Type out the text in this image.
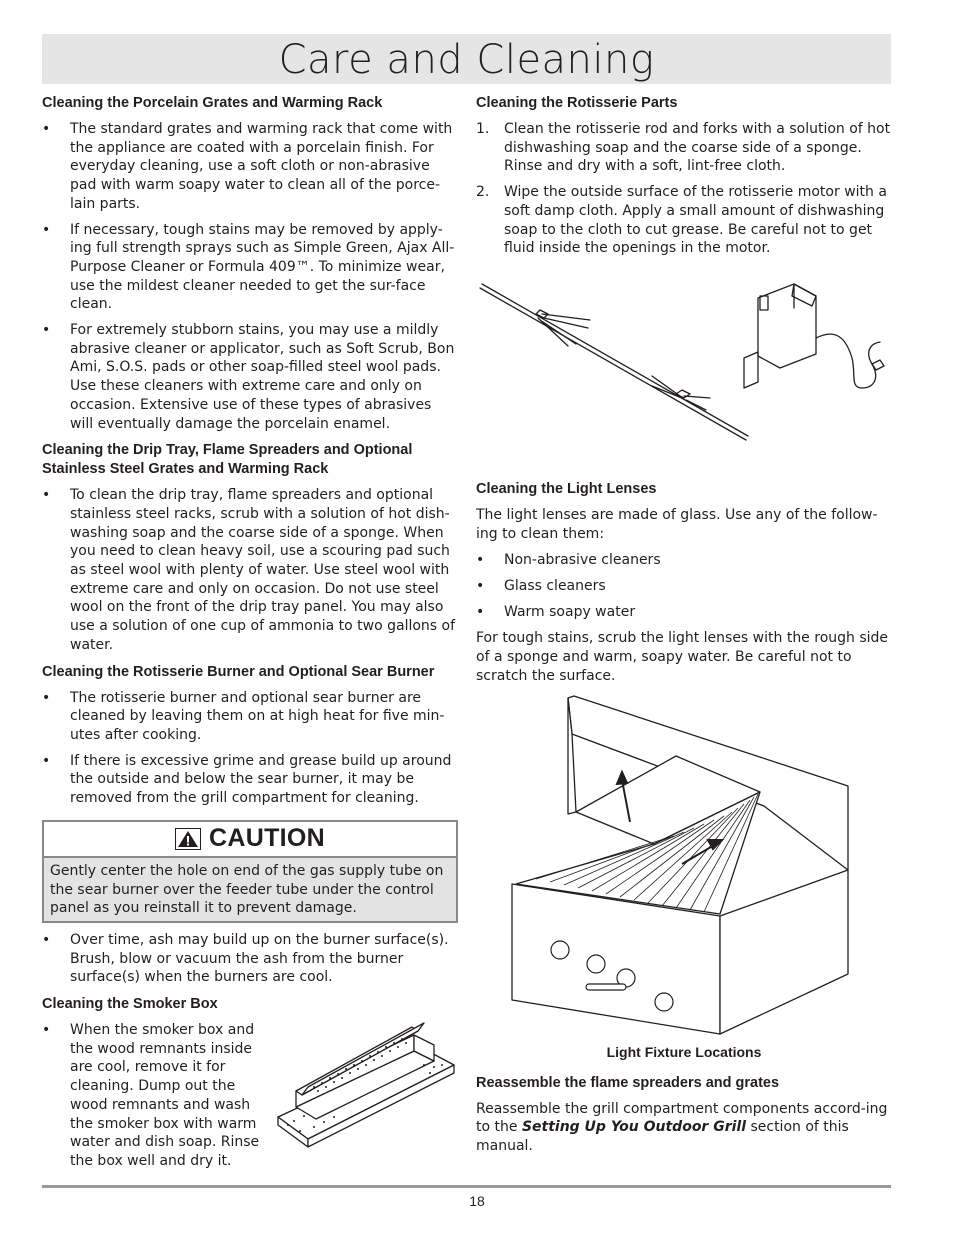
Care and Cleaning
Cleaning the Porcelain Grates and Warming Rack
• The standard grates and warming rack that come with the appliance are coated with a porcelain finish. For everyday cleaning, use a soft cloth or non-abrasive pad with warm soapy water to clean all of the porce-lain parts.
• If necessary, tough stains may be removed by apply-ing full strength sprays such as Simple Green, Ajax All-Purpose Cleaner or Formula 409™. To minimize wear, use the mildest cleaner needed to get the sur-face clean.
• For extremely stubborn stains, you may use a mildly abrasive cleaner or applicator, such as Soft Scrub, Bon Ami, S.O.S. pads or other soap-filled steel wool pads. Use these cleaners with extreme care and only on occasion. Extensive use of these types of abrasives will eventually damage the porcelain enamel.
Cleaning the Drip Tray, Flame Spreaders and Optional Stainless Steel Grates and Warming Rack
• To clean the drip tray, flame spreaders and optional stainless steel racks, scrub with a solution of hot dish-washing soap and the coarse side of a sponge. When you need to clean heavy soil, use a scouring pad such as steel wool with plenty of water. Use steel wool with extreme care and only on occasion. Do not use steel wool on the front of the drip tray panel. You may also use a solution of one cup of ammonia to two gallons of water.
Cleaning the Rotisserie Burner and Optional Sear Burner
• The rotisserie burner and optional sear burner are cleaned by leaving them on at high heat for five min-utes after cooking.
• If there is excessive grime and grease build up around the outside and below the sear burner, it may be removed from the grill compartment for cleaning.
CAUTION
Gently center the hole on end of the gas supply tube on the sear burner over the feeder tube under the control panel as you reinstall it to prevent damage.
• Over time, ash may build up on the burner surface(s). Brush, blow or vacuum the ash from the burner surface(s) when the burners are cool.
Cleaning the Smoker Box
• When the smoker box and the wood remnants inside are cool, remove it for cleaning. Dump out the wood remnants and wash the smoker box with warm water and dish soap. Rinse the box well and dry it.
Cleaning the Rotisserie Parts
1. Clean the rotisserie rod and forks with a solution of hot dishwashing soap and the coarse side of a sponge. Rinse and dry with a soft, lint-free cloth.
2. Wipe the outside surface of the rotisserie motor with a soft damp cloth. Apply a small amount of dishwashing soap to the cloth to cut grease. Be careful not to get fluid inside the openings in the motor.
Cleaning the Light Lenses

The light lenses are made of glass. Use any of the follow-ing to clean them:

• Non-abrasive cleaners
• Glass cleaners
• Warm soapy water

For tough stains, scrub the light lenses with the rough side of a sponge and warm, soapy water. Be careful not to scratch the surface.

Light Fixture Locations
Reassemble the flame spreaders and grates

Reassemble the grill compartment components accord-ing to the Setting Up You Outdoor Grill section of this manual.

18
